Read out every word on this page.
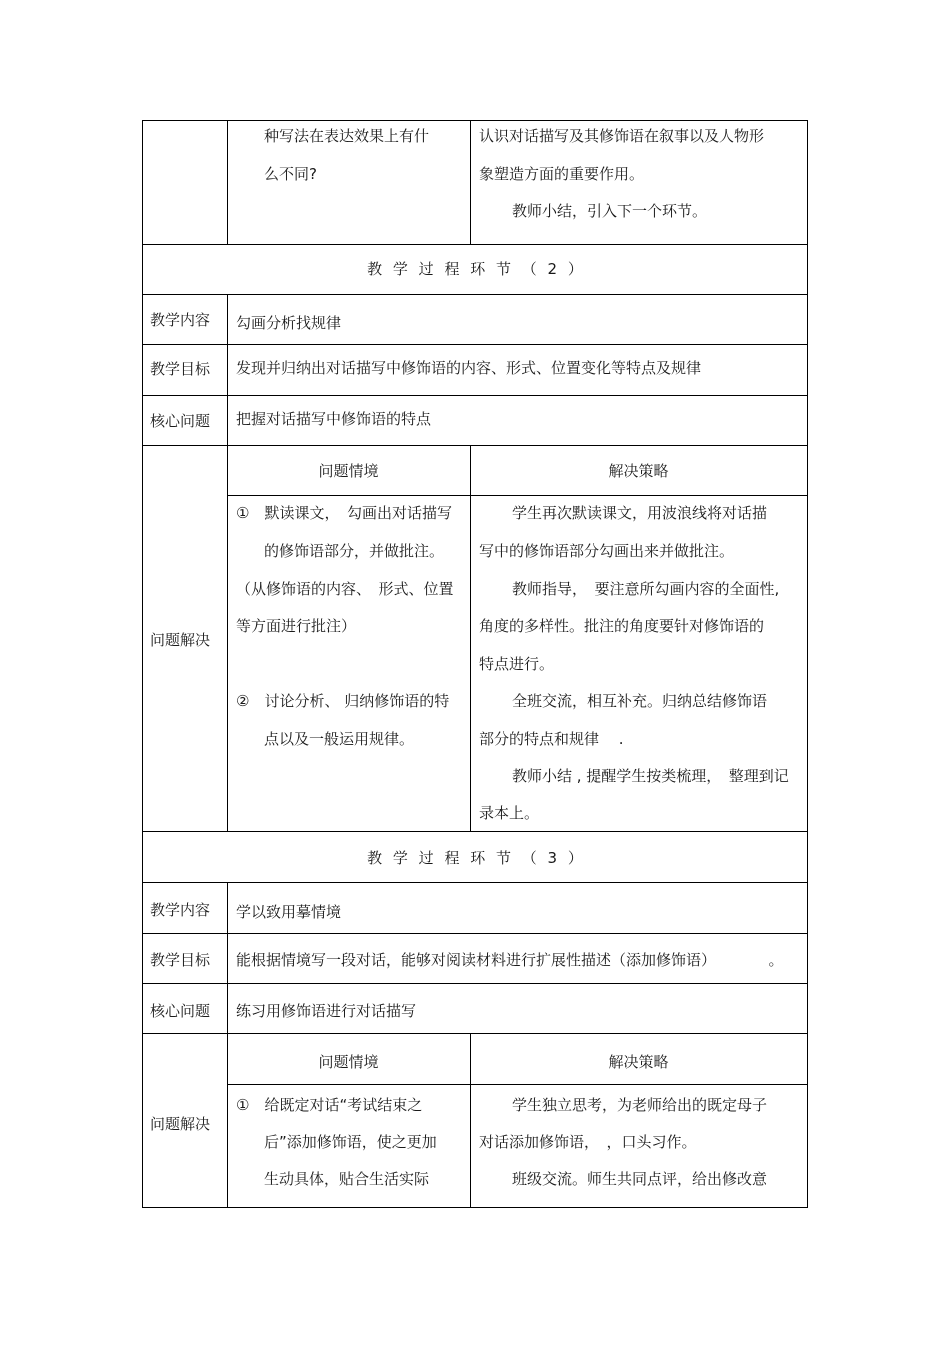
种写法在表达效果上有什
么不同?
认识对话描写及其修饰语在叙事以及人物形
象塑造方面的重要作用。
教师小结，引入下一个环节。
教 学 过 程 环 节 （ 2 ）
教学内容 勾画分析找规律
教学目标 发现并归纳出对话描写中修饰语的内容、形式、位置变化等特点及规律
核心问题 把握对话描写中修饰语的特点
问题解决
问题情境	解决策略
①　默读课文，　勾画出对话描写
的修饰语部分，并做批注。
（从修饰语的内容、　形式、位置
等方面进行批注）
②　讨论分析、 归纳修饰语的特
点以及一般运用规律。
学生再次默读课文，用波浪线将对话描
写中的修饰语部分勾画出来并做批注。
教师指导，　要注意所勾画内容的全面性,
角度的多样性。批注的角度要针对修饰语的
特点进行。
全班交流，相互补充。归纳总结修饰语
部分的特点和规律　 .
教师小结 , 提醒学生按类梳理，　整理到记
录本上。
教 学 过 程 环 节 （ 3 ）
教学内容 学以致用摹情境
教学目标 能根据情境写一段对话，能够对阅读材料进行扩展性描述（添加修饰语）　　　　。
核心问题 练习用修饰语进行对话描写
问题解决
问题情境	解决策略
①　给既定对话“考试结束之
后”添加修饰语，使之更加
生动具体，贴合生活实际
学生独立思考，为老师给出的既定母子
对话添加修饰语，　，口头习作。
班级交流。师生共同点评，给出修改意
